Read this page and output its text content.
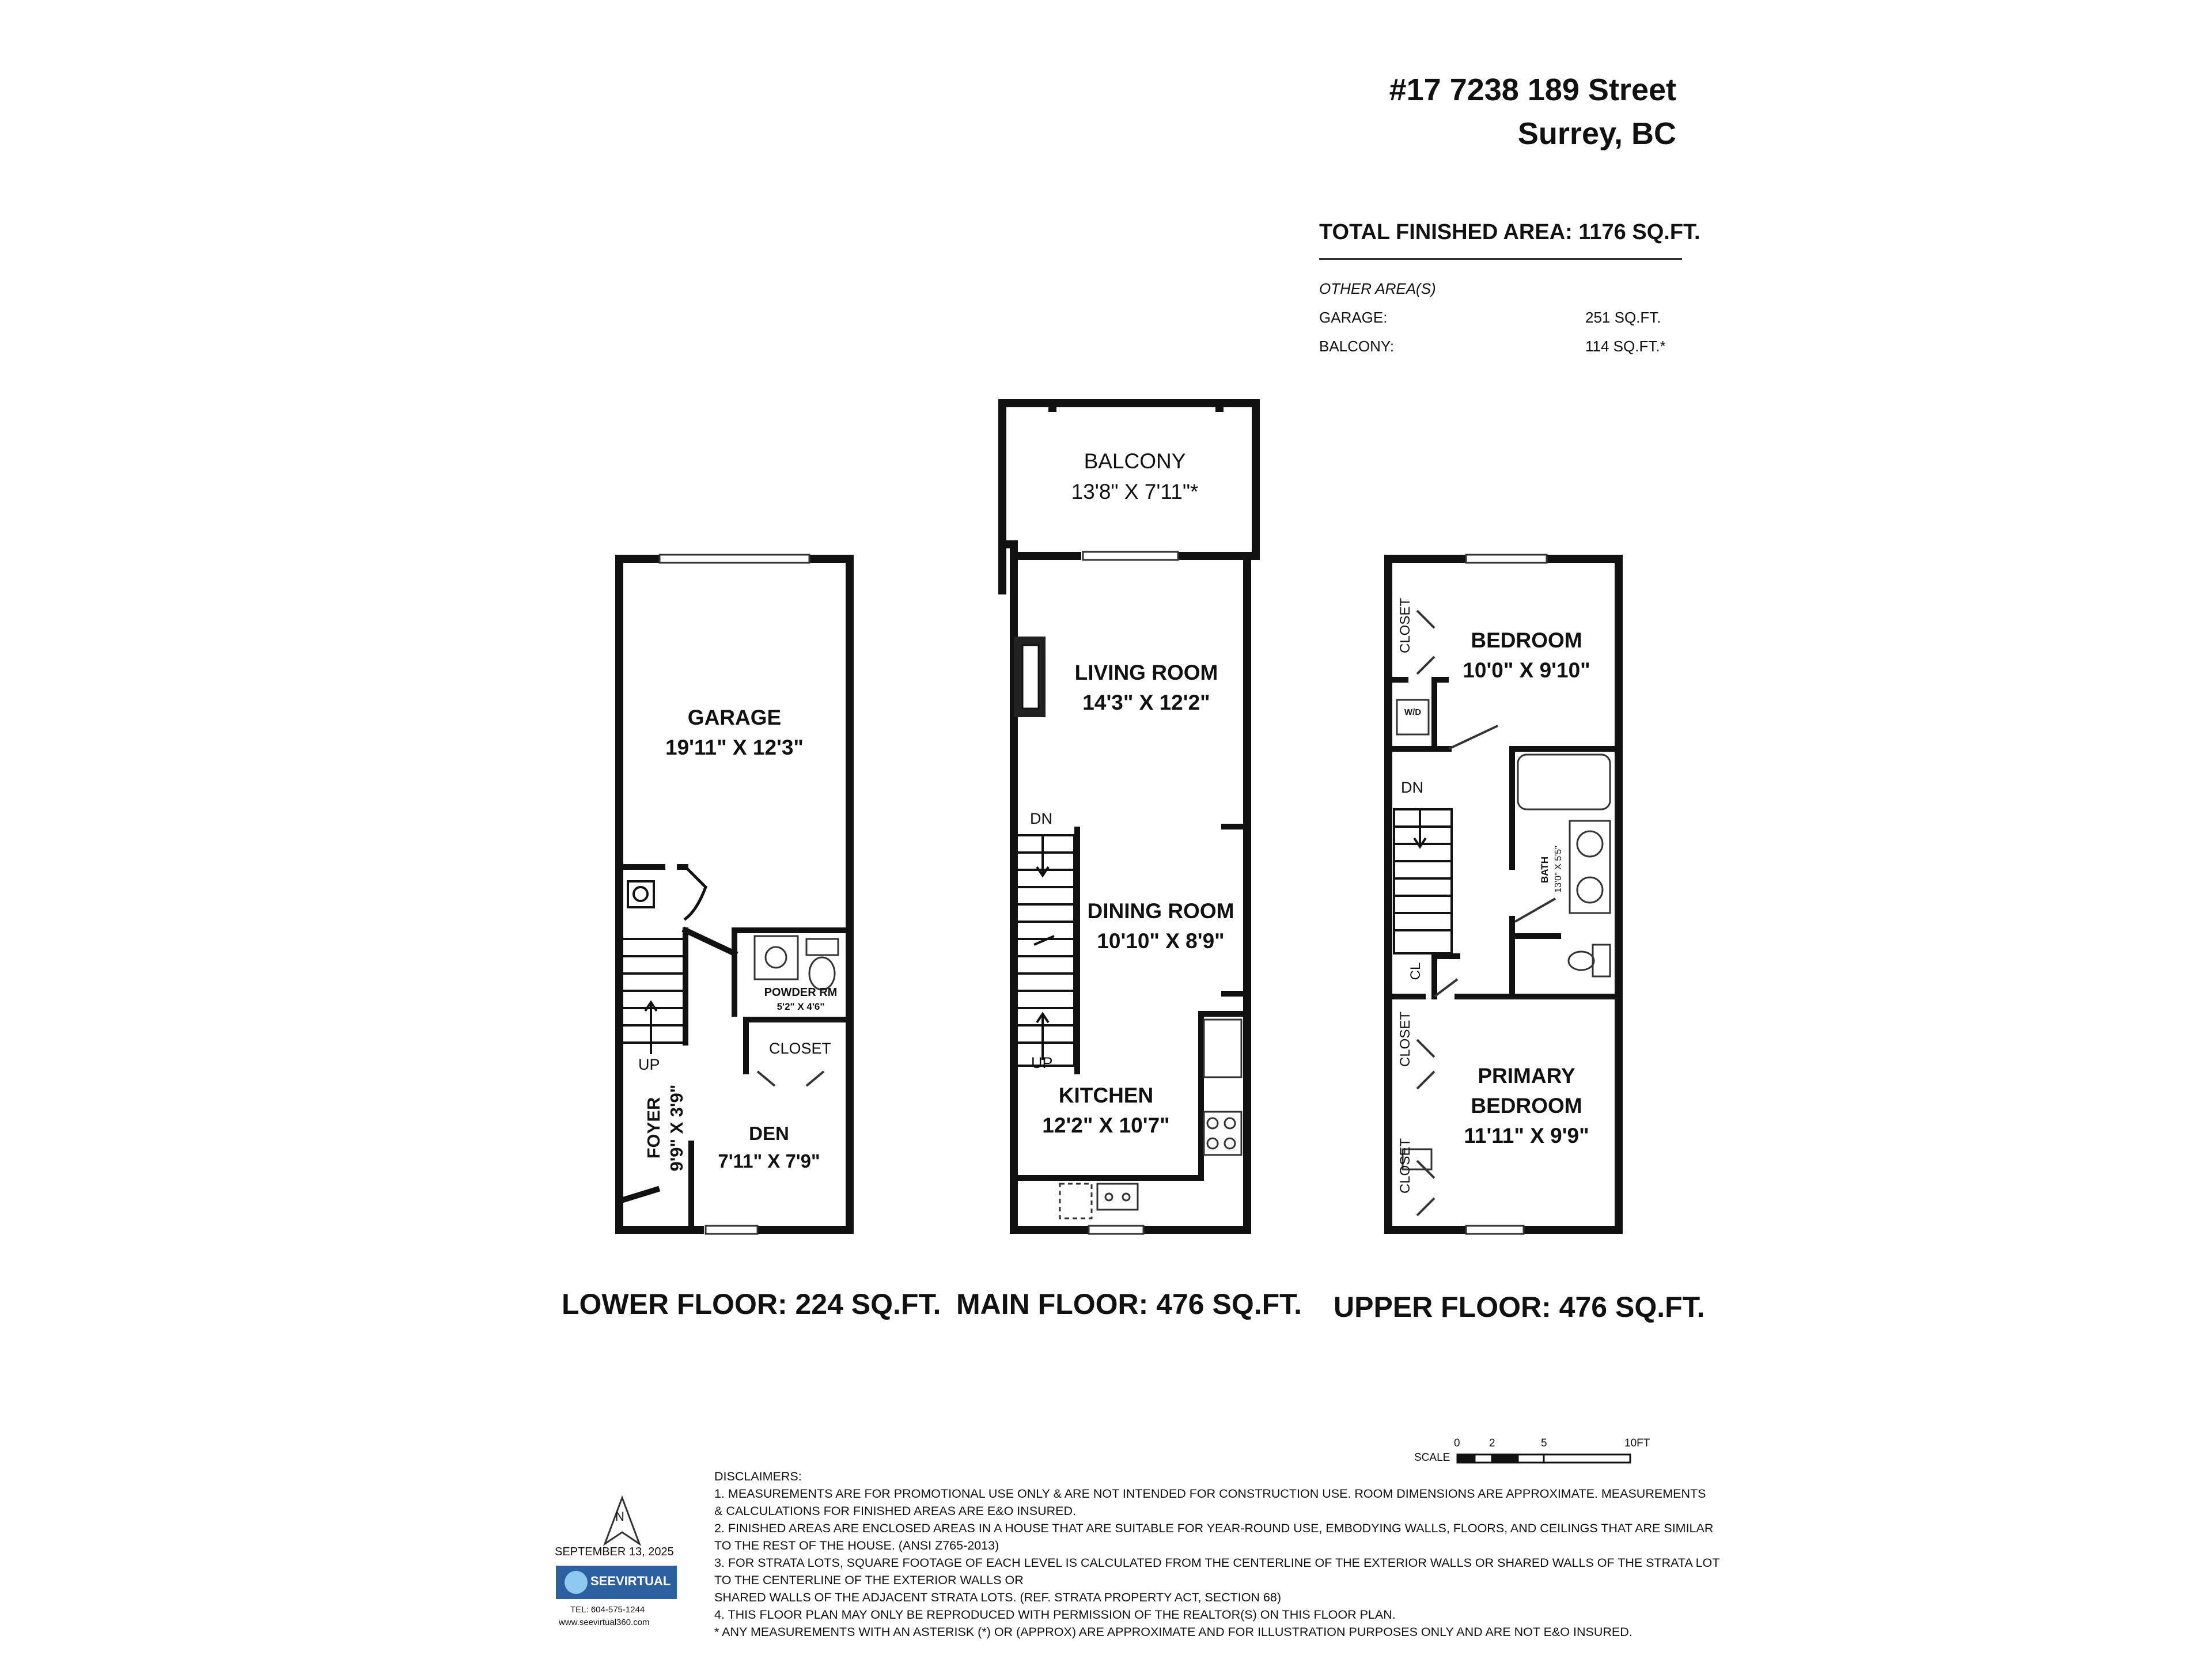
#17 7238 189 Street
Surrey, BC
TOTAL FINISHED AREA: 1176 SQ.FT.
OTHER AREA(S)
GARAGE:	251 SQ.FT.
BALCONY:	114 SQ.FT.*
GARAGE
19'11" X 12'3"
POWDER RM
5'2" X 4'6"
CLOSET
UP
FOYER 9'9" X 3'9"	DEN
7'11" X 7'9"
LOWER FLOOR: 224 SQ.FT.
BALCONY
13'8" X 7'11"*
LIVING ROOM
14'3" X 12'2"
DN
DINING ROOM
10'10" X 8'9"
UP
KITCHEN
12'2" X 10'7"
MAIN FLOOR: 476 SQ.FT.
BEDROOM
10'0" X 9'10"
CLOSET
W/D
DN
BATH 13'0" X 5'5"
CL
CLOSET
CLOSET
PRIMARY
BEDROOM
11'11" X 9'9"
UPPER FLOOR: 476 SQ.FT.
SCALE
0	2	5	10FT
N
SEPTEMBER 13, 2025
SEEVIRTUAL
TEL: 604-575-1244
www.seevirtual360.com
DISCLAIMERS:
1. MEASUREMENTS ARE FOR PROMOTIONAL USE ONLY & ARE NOT INTENDED FOR CONSTRUCTION USE. ROOM DIMENSIONS ARE APPROXIMATE. MEASUREMENTS
& CALCULATIONS FOR FINISHED AREAS ARE E&O INSURED.
2. FINISHED AREAS ARE ENCLOSED AREAS IN A HOUSE THAT ARE SUITABLE FOR YEAR-ROUND USE, EMBODYING WALLS, FLOORS, AND CEILINGS THAT ARE SIMILAR
TO THE REST OF THE HOUSE. (ANSI Z765-2013)
3. FOR STRATA LOTS, SQUARE FOOTAGE OF EACH LEVEL IS CALCULATED FROM THE CENTERLINE OF THE EXTERIOR WALLS OR SHARED WALLS OF THE STRATA LOT
TO THE CENTERLINE OF THE EXTERIOR WALLS OR
SHARED WALLS OF THE ADJACENT STRATA LOTS. (REF. STRATA PROPERTY ACT, SECTION 68)
4. THIS FLOOR PLAN MAY ONLY BE REPRODUCED WITH PERMISSION OF THE REALTOR(S) ON THIS FLOOR PLAN.
* ANY MEASUREMENTS WITH AN ASTERISK (*) OR (APPROX) ARE APPROXIMATE AND FOR ILLUSTRATION PURPOSES ONLY AND ARE NOT E&O INSURED.
